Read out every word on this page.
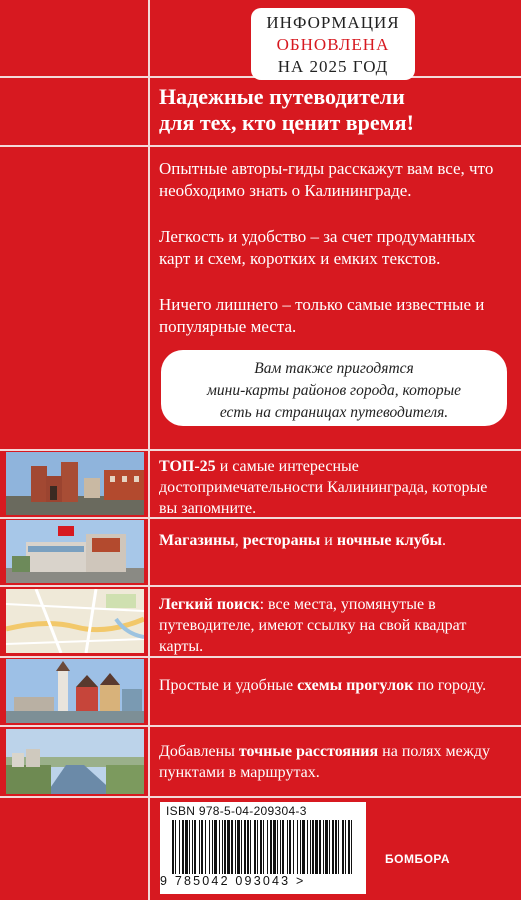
ИНФОРМАЦИЯ
ОБНОВЛЕНА
НА 2025 ГОД
Надежные путеводители
для тех, кто ценит время!
Опытные авторы-гиды расскажут вам все, что необходимо знать о Калининграде.
Легкость и удобство – за счет продуманных карт и схем, коротких и емких текстов.
Ничего лишнего – только самые известные и популярные места.
Вам также пригодятся
мини-карты районов города, которые
есть на страницах путеводителя.
ТОП-25 и самые интересные достопримечательности Калининграда, которые вы запомните.
Магазины, рестораны и ночные клубы.
Легкий поиск: все места, упомянутые в путеводителе, имеют ссылку на свой квадрат карты.
Простые и удобные схемы прогулок по городу.
Добавлены точные расстояния на полях между пунктами в маршрутах.
ISBN 978-5-04-209304-3
9 785042 093043 >
БОМБОРА
